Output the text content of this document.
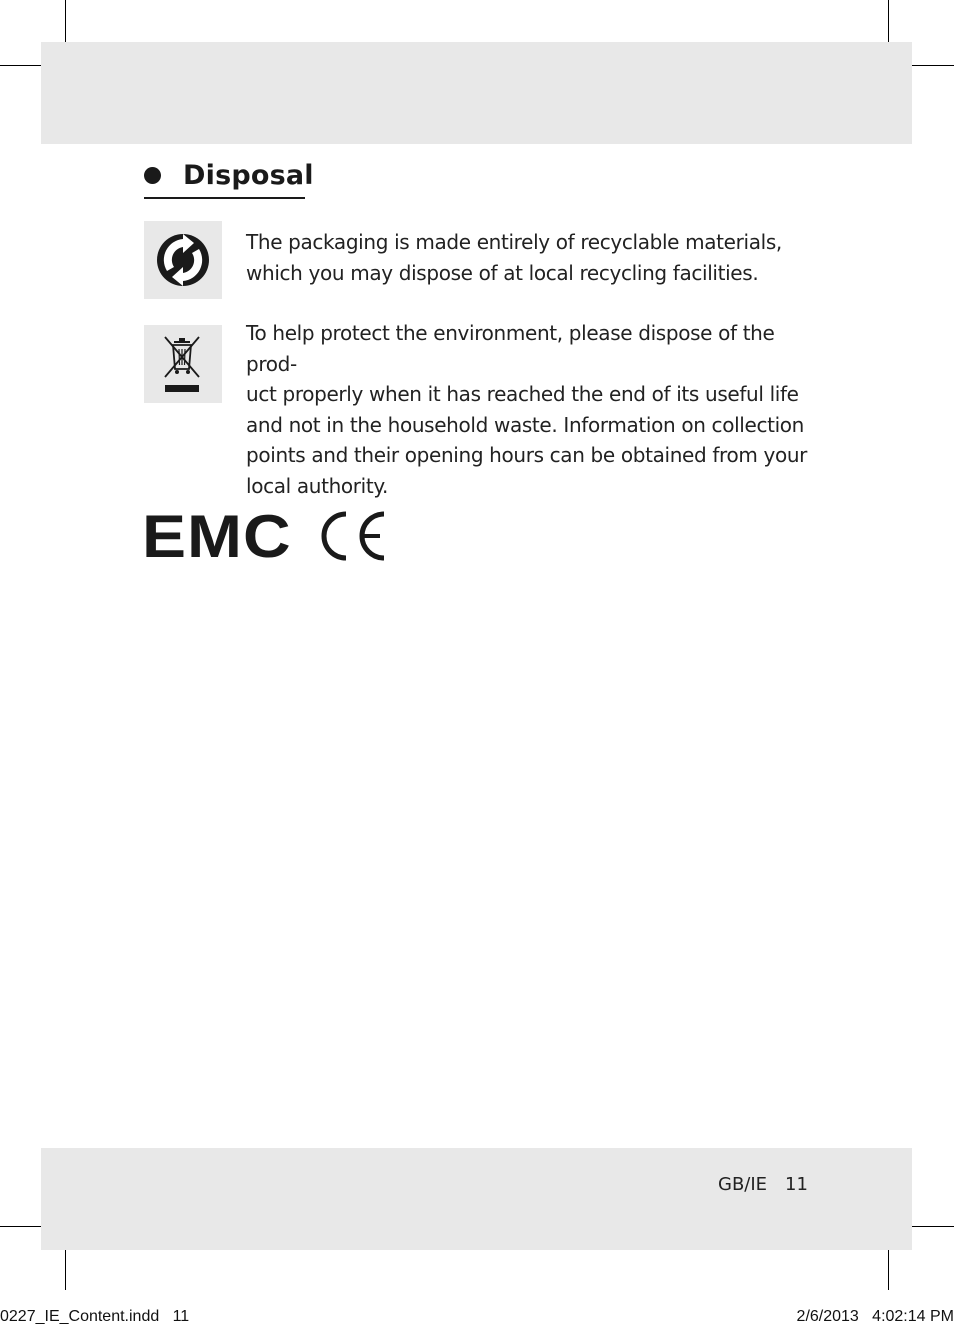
Disposal
The packaging is made entirely of recyclable materials,
which you may dispose of at local recycling facilities.
To help protect the environment, please dispose of the prod-
uct properly when it has reached the end of its useful life
and not in the household waste. Information on collection
points and their opening hours can be obtained from your
local authority.
EMC
GB/IE 11
0227_IE_Content.indd   11	2/6/2013   4:02:14 PM
